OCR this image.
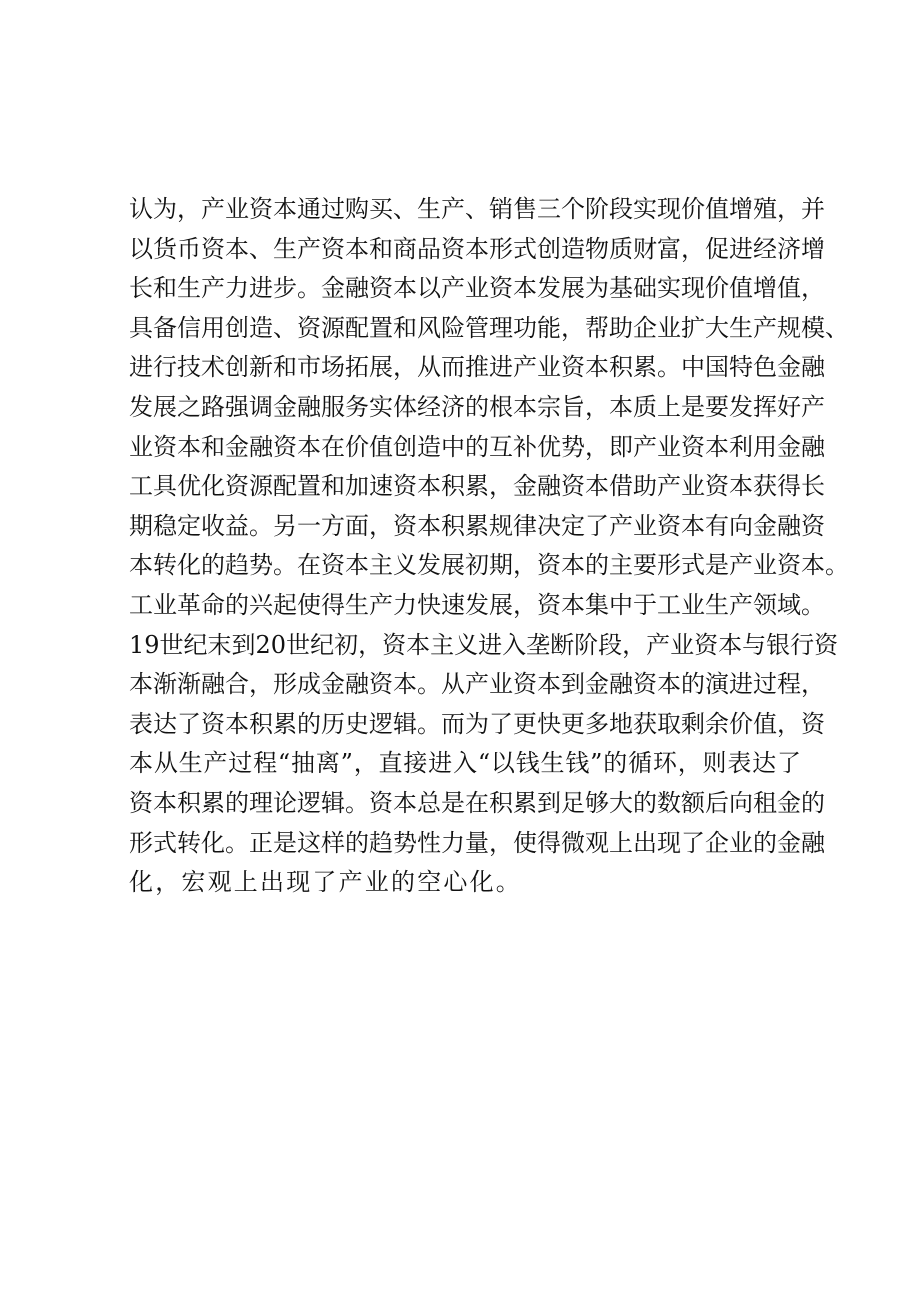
认为，产业资本通过购买、生产、销售三个阶段实现价值增殖，并
以货币资本、生产资本和商品资本形式创造物质财富，促进经济增
长和生产力进步。金融资本以产业资本发展为基础实现价值增值，
具备信用创造、资源配置和风险管理功能，帮助企业扩大生产规模、
进行技术创新和市场拓展，从而推进产业资本积累。中国特色金融
发展之路强调金融服务实体经济的根本宗旨，本质上是要发挥好产
业资本和金融资本在价值创造中的互补优势，即产业资本利用金融
工具优化资源配置和加速资本积累，金融资本借助产业资本获得长
期稳定收益。另一方面，资本积累规律决定了产业资本有向金融资
本转化的趋势。在资本主义发展初期，资本的主要形式是产业资本。
工业革命的兴起使得生产力快速发展，资本集中于工业生产领域。
19世纪末到20世纪初，资本主义进入垄断阶段，产业资本与银行资
本渐渐融合，形成金融资本。从产业资本到金融资本的演进过程，
表达了资本积累的历史逻辑。而为了更快更多地获取剩余价值，资
本从生产过程“抽离”，直接进入“以钱生钱”的循环，则表达了
资本积累的理论逻辑。资本总是在积累到足够大的数额后向租金的
形式转化。正是这样的趋势性力量，使得微观上出现了企业的金融
化，宏观上出现了产业的空心化。
